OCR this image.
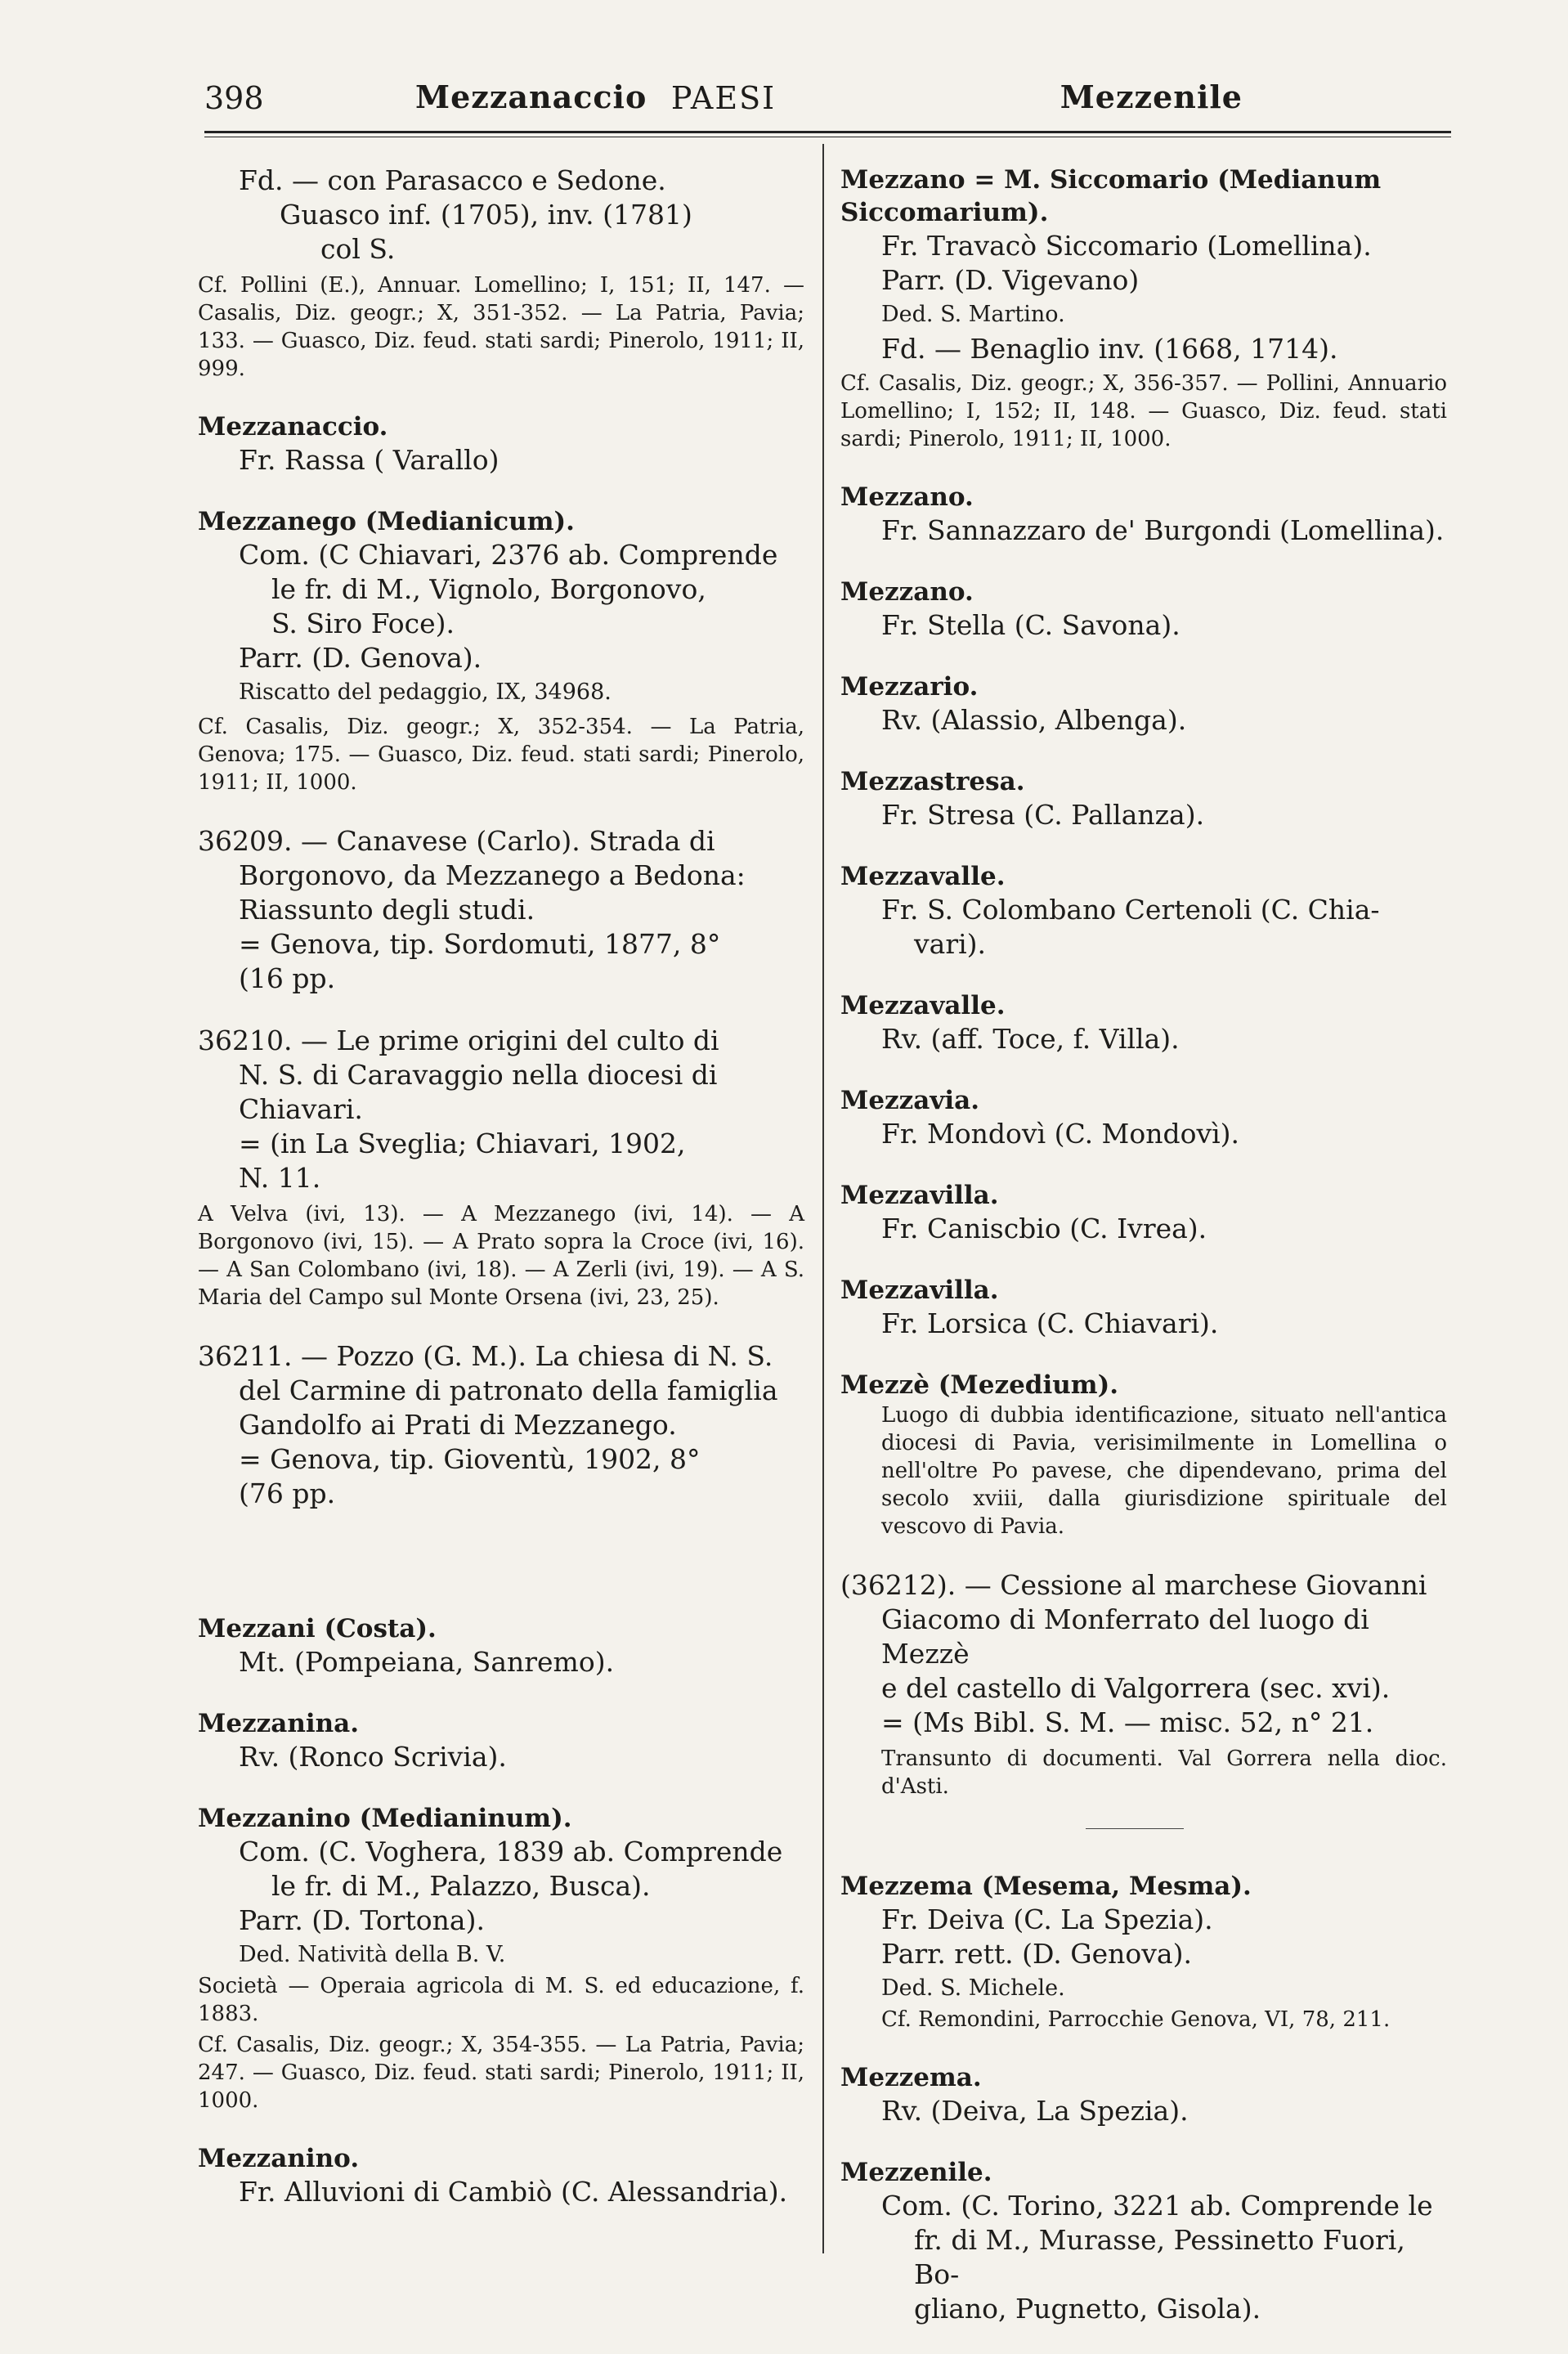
398	Mezzanaccio PAESI	Mezzenile
Fd. — con Parasacco e Sedone.
Guasco inf. (1705), inv. (1781)
col S.
Cf. Pollini (E.), Annuar. Lomellino; I, 151; II, 147. — Casalis, Diz. geogr.; X, 351-352. — La Patria, Pavia; 133. — Guasco, Diz. feud. stati sardi; Pinerolo, 1911; II, 999.
Mezzanaccio.
Fr. Rassa ( Varallo)
Mezzanego (Medianicum).
Com. (C Chiavari, 2376 ab. Comprende
le fr. di M., Vignolo, Borgonovo,
S. Siro Foce).
Parr. (D. Genova).
Riscatto del pedaggio, IX, 34968.
Cf. Casalis, Diz. geogr.; X, 352-354. — La Patria, Genova; 175. — Guasco, Diz. feud. stati sardi; Pinerolo, 1911; II, 1000.
36209. — Canavese (Carlo). Strada di
Borgonovo, da Mezzanego a Bedona:
Riassunto degli studi.
= Genova, tip. Sordomuti, 1877, 8°
(16 pp.
36210. — Le prime origini del culto di
N. S. di Caravaggio nella diocesi di
Chiavari.
= (in La Sveglia; Chiavari, 1902,
N. 11.
A Velva (ivi, 13). — A Mezzanego (ivi, 14). — A Borgonovo (ivi, 15). — A Prato sopra la Croce (ivi, 16). — A San Colombano (ivi, 18). — A Zerli (ivi, 19). — A S. Maria del Campo sul Monte Orsena (ivi, 23, 25).
36211. — Pozzo (G. M.). La chiesa di N. S.
del Carmine di patronato della famiglia
Gandolfo ai Prati di Mezzanego.
= Genova, tip. Gioventù, 1902, 8°
(76 pp.
Mezzani (Costa).
Mt. (Pompeiana, Sanremo).
Mezzanina.
Rv. (Ronco Scrivia).
Mezzanino (Medianinum).
Com. (C. Voghera, 1839 ab. Comprende
le fr. di M., Palazzo, Busca).
Parr. (D. Tortona).
Ded. Natività della B. V.
Società — Operaia agricola di M. S. ed educazione, f. 1883.
Cf. Casalis, Diz. geogr.; X, 354-355. — La Patria, Pavia; 247. — Guasco, Diz. feud. stati sardi; Pinerolo, 1911; II, 1000.
Mezzanino.
Fr. Alluvioni di Cambiò (C. Alessandria).
Mezzano = M. Siccomario (Medianum Siccomarium).
Fr. Travacò Siccomario (Lomellina).
Parr. (D. Vigevano)
Ded. S. Martino.
Fd. — Benaglio inv. (1668, 1714).
Cf. Casalis, Diz. geogr.; X, 356-357. — Pollini, Annuario Lomellino; I, 152; II, 148. — Guasco, Diz. feud. stati sardi; Pinerolo, 1911; II, 1000.
Mezzano.
Fr. Sannazzaro de' Burgondi (Lomellina).
Mezzano.
Fr. Stella (C. Savona).
Mezzario.
Rv. (Alassio, Albenga).
Mezzastresa.
Fr. Stresa (C. Pallanza).
Mezzavalle.
Fr. S. Colombano Certenoli (C. Chia-
vari).
Mezzavalle.
Rv. (aff. Toce, f. Villa).
Mezzavia.
Fr. Mondovì (C. Mondovì).
Mezzavilla.
Fr. Caniscbio (C. Ivrea).
Mezzavilla.
Fr. Lorsica (C. Chiavari).
Mezzè (Mezedium).
Luogo di dubbia identificazione, situato nell'antica diocesi di Pavia, verisimilmente in Lomellina o nell'oltre Po pavese, che dipendevano, prima del secolo xviii, dalla giurisdizione spirituale del vescovo di Pavia.
(36212). — Cessione al marchese Giovanni
Giacomo di Monferrato del luogo di Mezzè
e del castello di Valgorrera (sec. xvi).
= (Ms Bibl. S. M. — misc. 52, n° 21.
Transunto di documenti. Val Gorrera nella dioc. d'Asti.
Mezzema (Mesema, Mesma).
Fr. Deiva (C. La Spezia).
Parr. rett. (D. Genova).
Ded. S. Michele.
Cf. Remondini, Parrocchie Genova, VI, 78, 211.
Mezzema.
Rv. (Deiva, La Spezia).
Mezzenile.
Com. (C. Torino, 3221 ab. Comprende le
fr. di M., Murasse, Pessinetto Fuori, Bo-
gliano, Pugnetto, Gisola).
